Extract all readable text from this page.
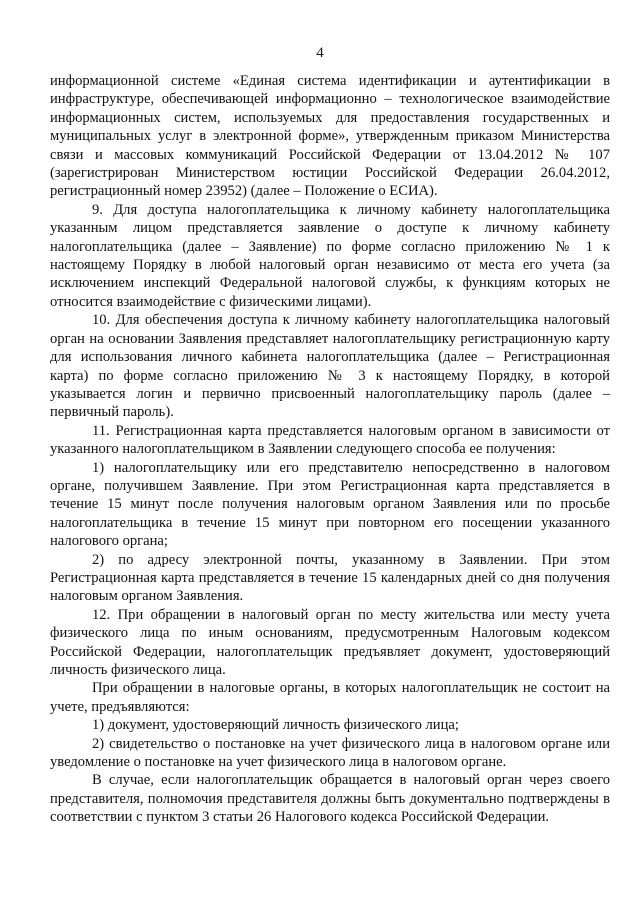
4

информационной системе «Единая система идентификации и аутентификации в инфраструктуре, обеспечивающей информационно – технологическое взаимодействие информационных систем, используемых для предоставления государственных и муниципальных услуг в электронной форме», утвержденным приказом Министерства связи и массовых коммуникаций Российской Федерации от 13.04.2012 № 107 (зарегистрирован Министерством юстиции Российской Федерации 26.04.2012, регистрационный номер 23952) (далее – Положение о ЕСИА).

9. Для доступа налогоплательщика к личному кабинету налогоплательщика указанным лицом представляется заявление о доступе к личному кабинету налогоплательщика (далее – Заявление) по форме согласно приложению № 1 к настоящему Порядку в любой налоговый орган независимо от места его учета (за исключением инспекций Федеральной налоговой службы, к функциям которых не относится взаимодействие с физическими лицами).

10. Для обеспечения доступа к личному кабинету налогоплательщика налоговый орган на основании Заявления представляет налогоплательщику регистрационную карту для использования личного кабинета налогоплательщика (далее – Регистрационная карта) по форме согласно приложению № 3 к настоящему Порядку, в которой указывается логин и первично присвоенный налогоплательщику пароль (далее – первичный пароль).

11. Регистрационная карта представляется налоговым органом в зависимости от указанного налогоплательщиком в Заявлении следующего способа ее получения:

1) налогоплательщику или его представителю непосредственно в налоговом органе, получившем Заявление. При этом Регистрационная карта представляется в течение 15 минут после получения налоговым органом Заявления или по просьбе налогоплательщика в течение 15 минут при повторном его посещении указанного налогового органа;

2) по адресу электронной почты, указанному в Заявлении. При этом Регистрационная карта представляется в течение 15 календарных дней со дня получения налоговым органом Заявления.

12. При обращении в налоговый орган по месту жительства или месту учета физического лица по иным основаниям, предусмотренным Налоговым кодексом Российской Федерации, налогоплательщик предъявляет документ, удостоверяющий личность физического лица.

При обращении в налоговые органы, в которых налогоплательщик не состоит на учете, предъявляются:

1) документ, удостоверяющий личность физического лица;

2) свидетельство о постановке на учет физического лица в налоговом органе или уведомление о постановке на учет физического лица в налоговом органе.

В случае, если налогоплательщик обращается в налоговый орган через своего представителя, полномочия представителя должны быть документально подтверждены в соответствии с пунктом 3 статьи 26 Налогового кодекса Российской Федерации.
